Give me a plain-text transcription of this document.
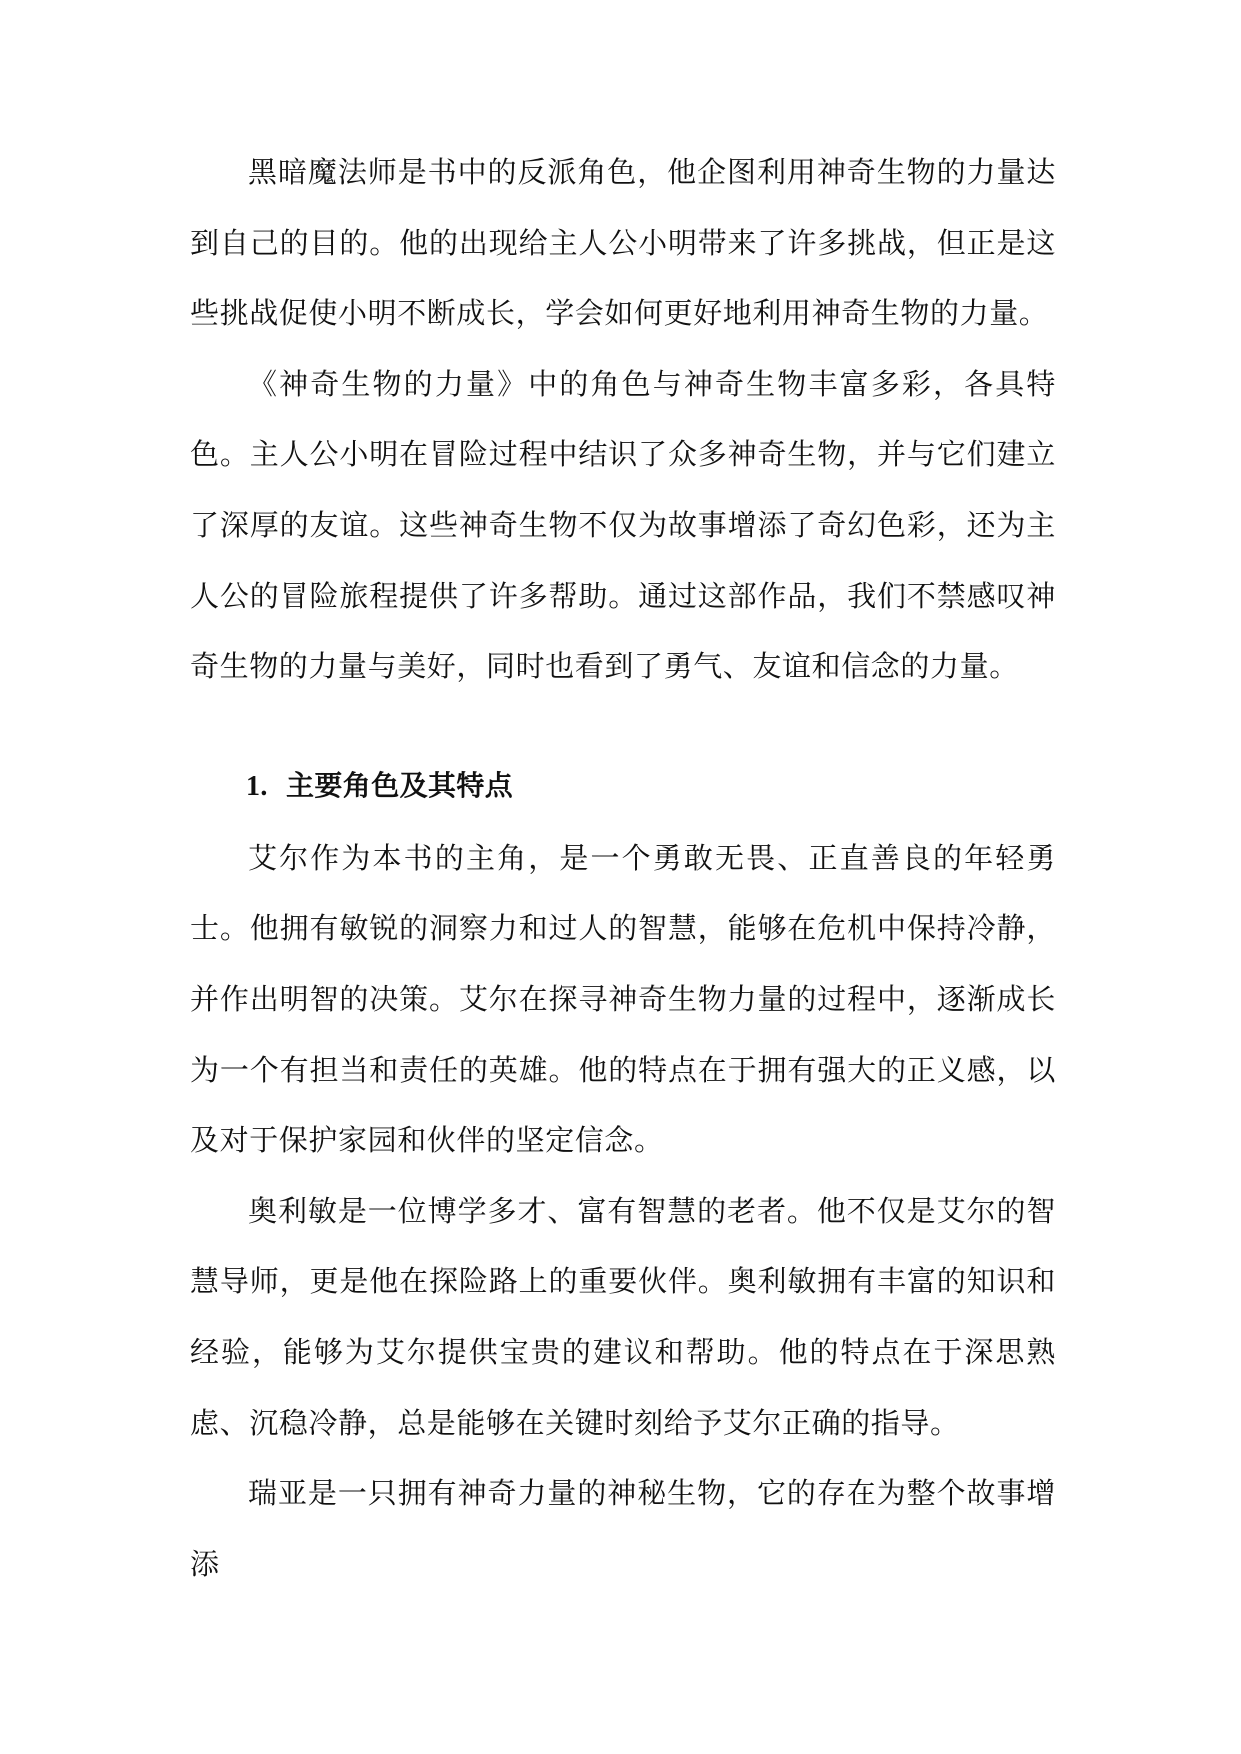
黑暗魔法师是书中的反派角色，他企图利用神奇生物的力量达到自己的目的。他的出现给主人公小明带来了许多挑战，但正是这些挑战促使小明不断成长，学会如何更好地利用神奇生物的力量。

《神奇生物的力量》中的角色与神奇生物丰富多彩，各具特色。主人公小明在冒险过程中结识了众多神奇生物，并与它们建立了深厚的友谊。这些神奇生物不仅为故事增添了奇幻色彩，还为主人公的冒险旅程提供了许多帮助。通过这部作品，我们不禁感叹神奇生物的力量与美好，同时也看到了勇气、友谊和信念的力量。

1. 主要角色及其特点

艾尔作为本书的主角，是一个勇敢无畏、正直善良的年轻勇士。他拥有敏锐的洞察力和过人的智慧，能够在危机中保持冷静，并作出明智的决策。艾尔在探寻神奇生物力量的过程中，逐渐成长为一个有担当和责任的英雄。他的特点在于拥有强大的正义感，以及对于保护家园和伙伴的坚定信念。

奥利敏是一位博学多才、富有智慧的老者。他不仅是艾尔的智慧导师，更是他在探险路上的重要伙伴。奥利敏拥有丰富的知识和经验，能够为艾尔提供宝贵的建议和帮助。他的特点在于深思熟虑、沉稳冷静，总是能够在关键时刻给予艾尔正确的指导。

瑞亚是一只拥有神奇力量的神秘生物，它的存在为整个故事增添
